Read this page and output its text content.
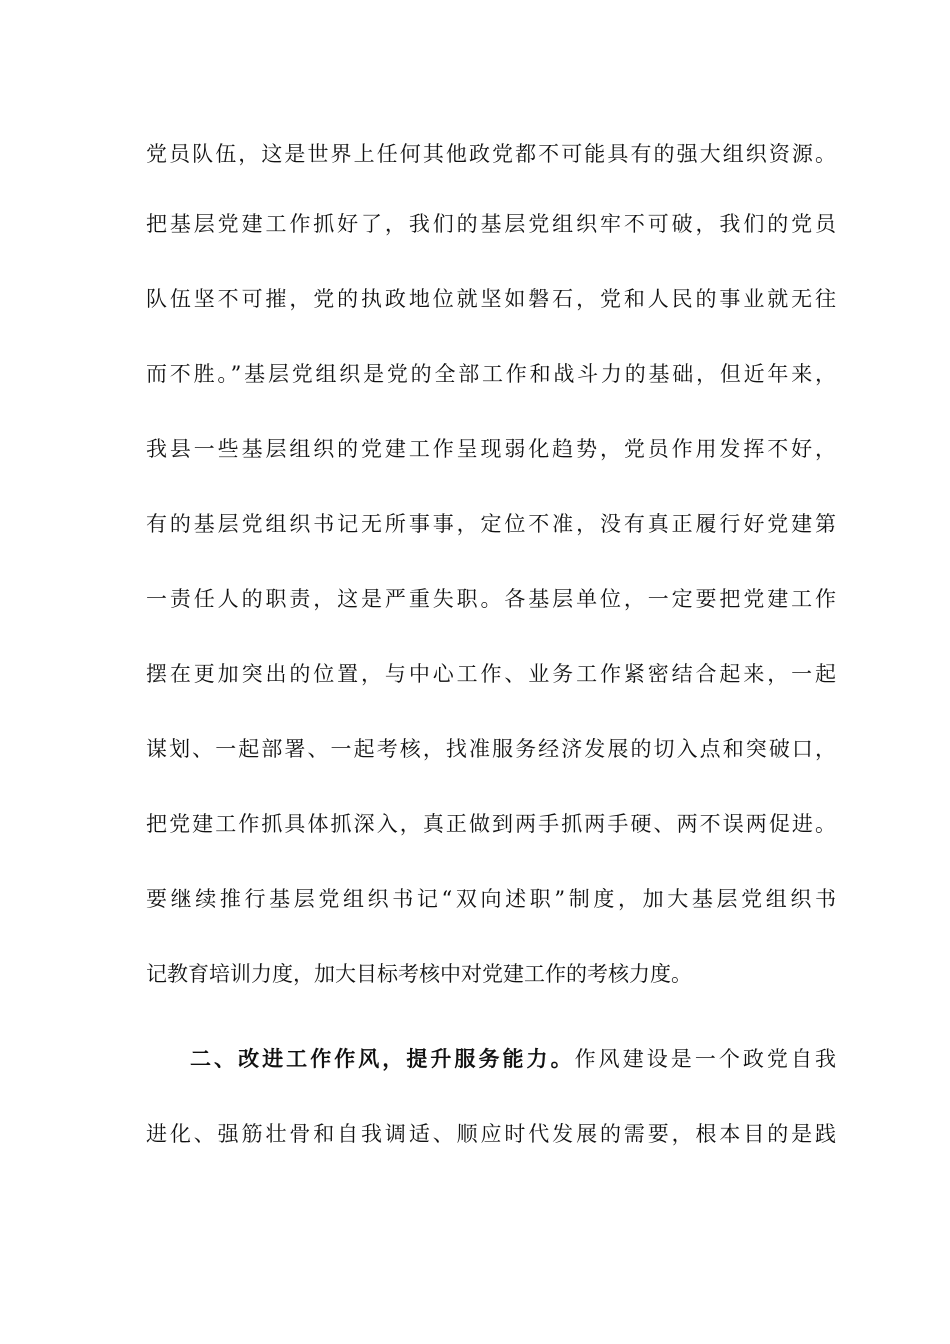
党员队伍，这是世界上任何其他政党都不可能具有的强大组织资源。
把基层党建工作抓好了，我们的基层党组织牢不可破，我们的党员
队伍坚不可摧，党的执政地位就坚如磐石，党和人民的事业就无往
而不胜。”基层党组织是党的全部工作和战斗力的基础，但近年来，
我县一些基层组织的党建工作呈现弱化趋势，党员作用发挥不好，
有的基层党组织书记无所事事，定位不准，没有真正履行好党建第
一责任人的职责，这是严重失职。各基层单位，一定要把党建工作
摆在更加突出的位置，与中心工作、业务工作紧密结合起来，一起
谋划、一起部署、一起考核，找准服务经济发展的切入点和突破口，
把党建工作抓具体抓深入，真正做到两手抓两手硬、两不误两促进。
要继续推行基层党组织书记“双向述职”制度，加大基层党组织书
记教育培训力度，加大目标考核中对党建工作的考核力度。
二、改进工作作风，提升服务能力。作风建设是一个政党自我
进化、强筋壮骨和自我调适、顺应时代发展的需要，根本目的是践
